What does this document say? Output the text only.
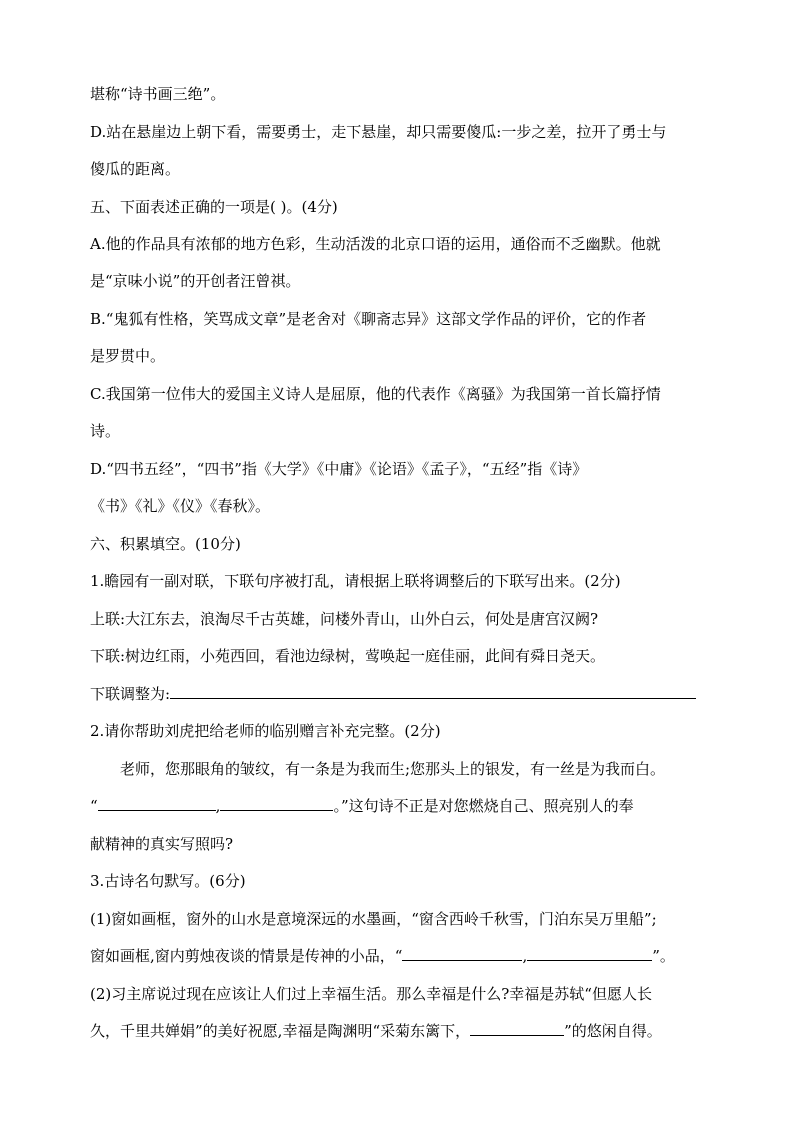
堪称“诗书画三绝”。
D.站在悬崖边上朝下看，需要勇士，走下悬崖，却只需要傻瓜:一步之差，拉开了勇士与
傻瓜的距离。
五、下面表述正确的一项是( )。(4分)
A.他的作品具有浓郁的地方色彩，生动活泼的北京口语的运用，通俗而不乏幽默。他就
是“京味小说”的开创者汪曾祺。
B.“鬼狐有性格，笑骂成文章”是老舍对《聊斋志异》这部文学作品的评价，它的作者
是罗贯中。
C.我国第一位伟大的爱国主义诗人是屈原，他的代表作《离骚》为我国第一首长篇抒情
诗。
D.“四书五经”，“四书”指《大学》《中庸》《论语》《孟子》，“五经”指《诗》
《书》《礼》《仪》《春秋》。
六、积累填空。(10分)
1.瞻园有一副对联，下联句序被打乱，请根据上联将调整后的下联写出来。(2分)
上联:大江东去，浪淘尽千古英雄，问楼外青山，山外白云，何处是唐宫汉阙?
下联:树边红雨，小苑西回，看池边绿树，莺唤起一庭佳丽，此间有舜日尧天。
下联调整为:
2.请你帮助刘虎把给老师的临别赠言补充完整。(2分)
老师，您那眼角的皱纹，有一条是为我而生;您那头上的银发，有一丝是为我而白。
“	,	。”这句诗不正是对您燃烧自己、照亮别人的奉
献精神的真实写照吗?
3.古诗名句默写。(6分)
(1)窗如画框，窗外的山水是意境深远的水墨画，“窗含西岭千秋雪，门泊东吴万里船”;
窗如画框,窗内剪烛夜谈的情景是传神的小品，“	,	”。
(2)习主席说过现在应该让人们过上幸福生活。那么幸福是什么?幸福是苏轼“但愿人长
久，千里共婵娟”的美好祝愿,幸福是陶渊明“采菊东篱下，	”的悠闲自得。
